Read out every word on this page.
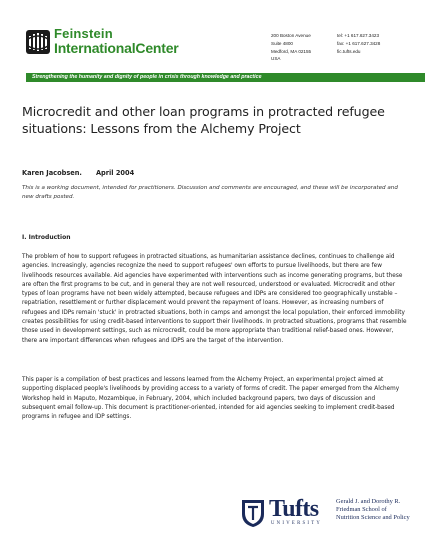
Feinstein
InternationalCenter
200 Boston Avenue
Suite 4800
Medford, MA 02155
USA
tel: +1 617.627.3423
fax: +1 617.627.3428
fic.tufts.edu
Strengthening the humanity and dignity of people in crisis through knowledge and practice
Microcredit and other loan programs in protracted refugee situations: Lessons from the Alchemy Project
Karen Jacobsen. April 2004
This is a working document, intended for practitioners. Discussion and comments are encouraged, and these will be incorporated and new drafts posted.
I. Introduction
The problem of how to support refugees in protracted situations, as humanitarian assistance declines, continues to challenge aid agencies. Increasingly, agencies recognize the need to support refugees' own efforts to pursue livelihoods, but there are few livelihoods resources available. Aid agencies have experimented with interventions such as income generating programs, but these are often the first programs to be cut, and in general they are not well resourced, understood or evaluated. Microcredit and other types of loan programs have not been widely attempted, because refugees and IDPs are considered too geographically unstable – repatriation, resettlement or further displacement would prevent the repayment of loans. However, as increasing numbers of refugees and IDPs remain 'stuck' in protracted situations, both in camps and amongst the local population, their enforced immobility creates possibilities for using credit-based interventions to support their livelihoods. In protracted situations, programs that resemble those used in development settings, such as microcredit, could be more appropriate than traditional relief-based ones. However, there are important differences when refugees and IDPS are the target of the intervention.
This paper is a compilation of best practices and lessons learned from the Alchemy Project, an experimental project aimed at supporting displaced people's livelihoods by providing access to a variety of forms of credit. The paper emerged from the Alchemy Workshop held in Maputo, Mozambique, in February, 2004, which included background papers, two days of discussion and subsequent email follow-up. This document is practitioner-oriented, intended for aid agencies seeking to implement credit-based programs in refugee and IDP settings.
Tufts
UNIVERSITY
Gerald J. and Dorothy R.
Friedman School of
Nutrition Science and Policy
